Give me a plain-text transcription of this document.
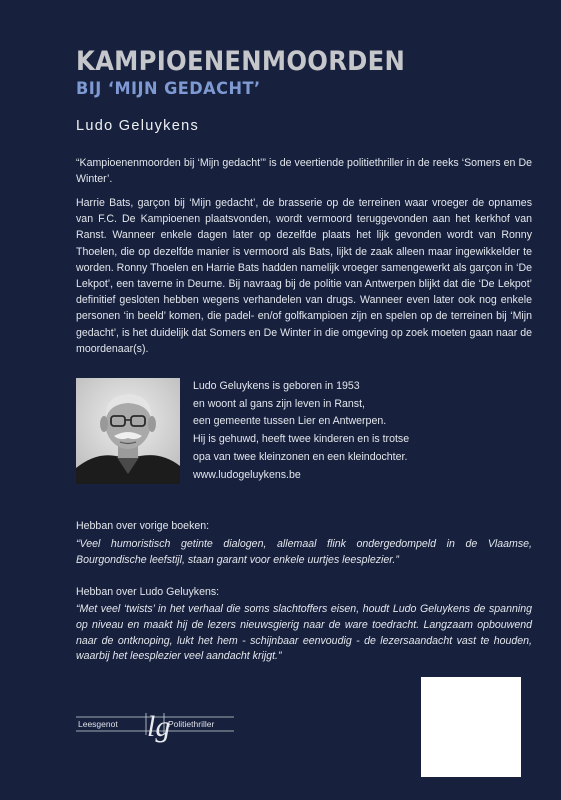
KAMPIOENENMOORDEN
BIJ ‘MIJN GEDACHT’
Ludo Geluykens

“Kampioenenmoorden bij ‘Mijn gedacht’” is de veertiende politiethriller in de reeks ‘Somers en De Winter’.

Harrie Bats, garçon bij ‘Mijn gedacht’, de brasserie op de terreinen waar vroeger de opnames van F.C. De Kampioenen plaatsvonden, wordt vermoord teruggevonden aan het kerkhof van Ranst. Wanneer enkele dagen later op dezelfde plaats het lijk gevonden wordt van Ronny Thoelen, die op dezelfde manier is vermoord als Bats, lijkt de zaak alleen maar ingewikkelder te worden. Ronny Thoelen en Harrie Bats hadden namelijk vroeger samengewerkt als garçon in ‘De Lekpot’, een taverne in Deurne. Bij navraag bij de politie van Antwerpen blijkt dat die ‘De Lekpot’ definitief gesloten hebben wegens verhandelen van drugs. Wanneer even later ook nog enkele personen ‘in beeld’ komen, die padel- en/of golfkampioen zijn en spelen op de terreinen bij ‘Mijn gedacht’, is het duidelijk dat Somers en De Winter in die omgeving op zoek moeten gaan naar de moordenaar(s).

Ludo Geluykens is geboren in 1953
en woont al gans zijn leven in Ranst,
een gemeente tussen Lier en Antwerpen.
Hij is gehuwd, heeft twee kinderen en is trotse
opa van twee kleinzonen en een kleindochter.
www.ludogeluykens.be
Hebban over vorige boeken:

“Veel humoristisch getinte dialogen, allemaal flink ondergedompeld in de Vlaamse, Bourgondische leefstijl, staan garant voor enkele uurtjes leesplezier.”

Hebban over Ludo Geluykens:

“Met veel ‘twists’ in het verhaal die soms slachtoffers eisen, houdt Ludo Geluykens de spanning op niveau en maakt hij de lezers nieuwsgierig naar de ware toedracht. Langzaam opbouwend naar de ontknoping, lukt het hem - schijnbaar eenvoudig - de lezersaandacht vast te houden, waarbij het leesplezier veel aandacht krijgt.”

Leesgenot	Politiethriller
lg
